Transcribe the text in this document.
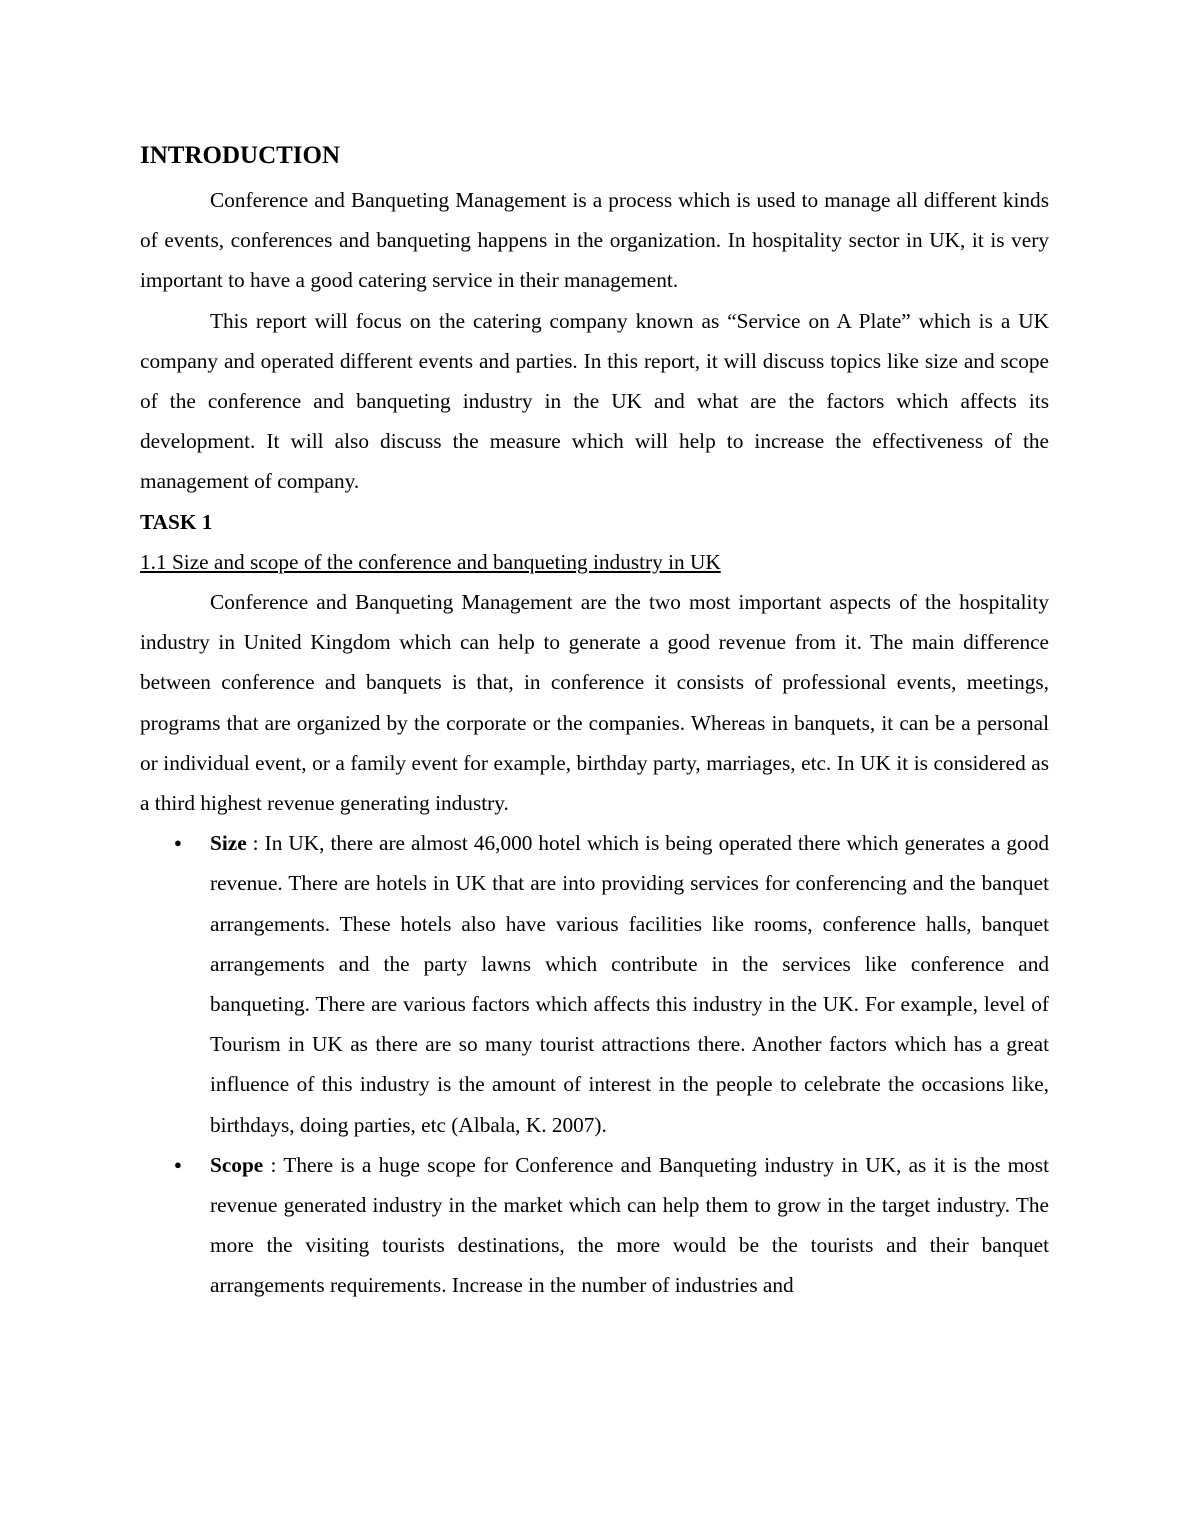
INTRODUCTION

Conference and Banqueting Management is a process which is used to manage all different kinds of events, conferences and banqueting happens in the organization. In hospitality sector in UK, it is very important to have a good catering service in their management.

This report will focus on the catering company known as “Service on A Plate” which is a UK company and operated different events and parties. In this report, it will discuss topics like size and scope of the conference and banqueting industry in the UK and what are the factors which affects its development. It will also discuss the measure which will help to increase the effectiveness of the management of company.

TASK 1

1.1 Size and scope of the conference and banqueting industry in UK

Conference and Banqueting Management are the two most important aspects of the hospitality industry in United Kingdom which can help to generate a good revenue from it. The main difference between conference and banquets is that, in conference it consists of professional events, meetings, programs that are organized by the corporate or the companies. Whereas in banquets, it can be a personal or individual event, or a family event for example, birthday party, marriages, etc. In UK it is considered as a third highest revenue generating industry.

● Size : In UK, there are almost 46,000 hotel which is being operated there which generates a good revenue. There are hotels in UK that are into providing services for conferencing and the banquet arrangements. These hotels also have various facilities like rooms, conference halls, banquet arrangements and the party lawns which contribute in the services like conference and banqueting. There are various factors which affects this industry in the UK. For example, level of Tourism in UK as there are so many tourist attractions there. Another factors which has a great influence of this industry is the amount of interest in the people to celebrate the occasions like, birthdays, doing parties, etc (Albala, K. 2007).
● Scope : There is a huge scope for Conference and Banqueting industry in UK, as it is the most revenue generated industry in the market which can help them to grow in the target industry. The more the visiting tourists destinations, the more would be the tourists and their banquet arrangements requirements. Increase in the number of industries and
